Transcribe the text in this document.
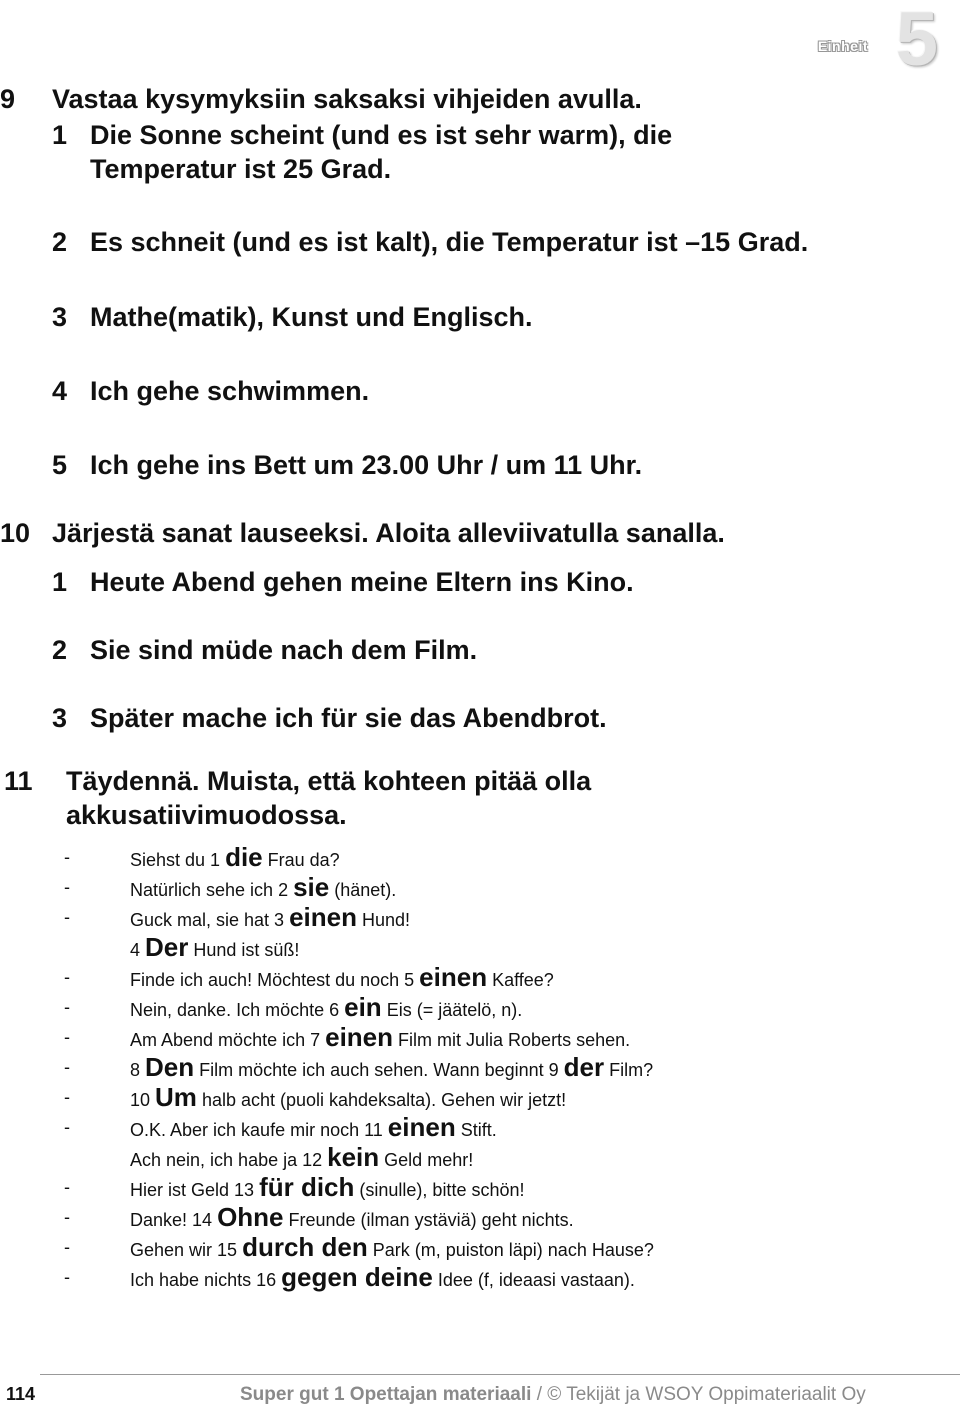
5
Einheit
9 Vastaa kysymyksiin saksaksi vihjeiden avulla.
1 Die Sonne scheint (und es ist sehr warm), die
Temperatur ist 25 Grad.
2 Es schneit (und es ist kalt), die Temperatur ist –15 Grad.
3 Mathe(matik), Kunst und Englisch.
4 Ich gehe schwimmen.
5 Ich gehe ins Bett um 23.00 Uhr / um 11 Uhr.
10 Järjestä sanat lauseeksi. Aloita alleviivatulla sanalla.
1 Heute Abend gehen meine Eltern ins Kino.
2 Sie sind müde nach dem Film.
3 Später mache ich für sie das Abendbrot.
11 Täydennä. Muista, että kohteen pitää olla
akkusatiivimuodossa.
-	Siehst du 1 die Frau da?
-	Natürlich sehe ich 2 sie (hänet).
-	Guck mal, sie hat 3 einen Hund!
4 Der Hund ist süß!
-	Finde ich auch! Möchtest du noch 5 einen Kaffee?
-	Nein, danke. Ich möchte 6 ein Eis (= jäätelö, n).
-	Am Abend möchte ich 7 einen Film mit Julia Roberts sehen.
-	8 Den Film möchte ich auch sehen. Wann beginnt 9 der Film?
-	10 Um halb acht (puoli kahdeksalta). Gehen wir jetzt!
-	O.K. Aber ich kaufe mir noch 11 einen Stift.
Ach nein, ich habe ja 12 kein Geld mehr!
-	Hier ist Geld 13 für dich (sinulle), bitte schön!
-	Danke! 14 Ohne Freunde (ilman ystäviä) geht nichts.
-	Gehen wir 15 durch den Park (m, puiston läpi) nach Hause?
-	Ich habe nichts 16 gegen deine Idee (f, ideaasi vastaan).
114	Super gut 1 Opettajan materiaali / © Tekijät ja WSOY Oppimateriaalit Oy
